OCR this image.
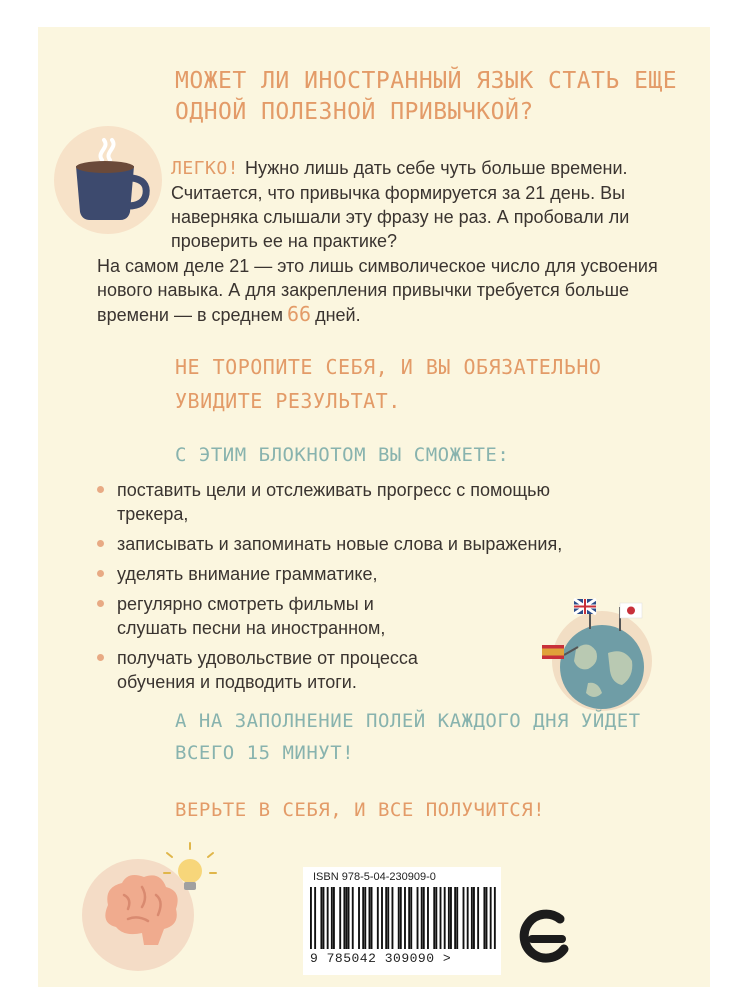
МОЖЕТ ЛИ ИНОСТРАННЫЙ ЯЗЫК СТАТЬ ЕЩЕ ОДНОЙ ПОЛЕЗНОЙ ПРИВЫЧКОЙ?
ЛЕГКО! Нужно лишь дать себе чуть больше времени. Считается, что привычка формируется за 21 день. Вы наверняка слышали эту фразу не раз. А пробовали ли проверить ее на практике?
На самом деле 21 — это лишь символическое число для усвоения нового навыка. А для закрепления привычки требуется больше времени — в среднем 66 дней.
НЕ ТОРОПИТЕ СЕБЯ, И ВЫ ОБЯЗАТЕЛЬНО УВИДИТЕ РЕЗУЛЬТАТ.
С ЭТИМ БЛОКНОТОМ ВЫ СМОЖЕТЕ:
поставить цели и отслеживать прогресс с помощью трекера,
записывать и запоминать новые слова и выражения,
уделять внимание грамматике,
регулярно смотреть фильмы и слушать песни на иностранном,
получать удовольствие от процесса обучения и подводить итоги.
А НА ЗАПОЛНЕНИЕ ПОЛЕЙ КАЖДОГО ДНЯ УЙДЕТ ВСЕГО 15 МИНУТ!
ВЕРЬТЕ В СЕБЯ, И ВСЕ ПОЛУЧИТСЯ!
ISBN 978-5-04-230909-0
9 785042 309090 >
